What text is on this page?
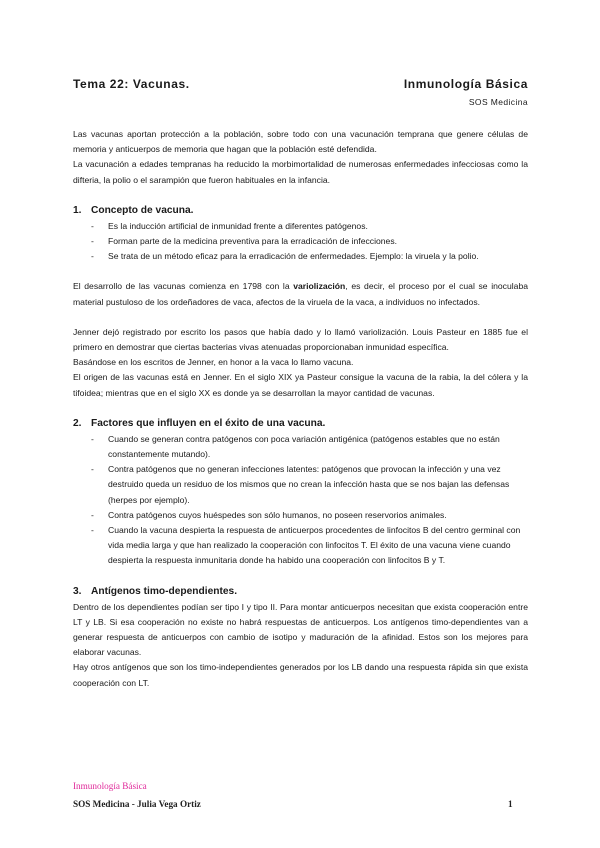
Tema 22: Vacunas.	Inmunología Básica
SOS Medicina

Las vacunas aportan protección a la población, sobre todo con una vacunación temprana que genere células de memoria y anticuerpos de memoria que hagan que la población esté defendida.

La vacunación a edades tempranas ha reducido la morbimortalidad de numerosas enfermedades infecciosas como la difteria, la polio o el sarampión que fueron habituales en la infancia.

1. Concepto de vacuna.
- Es la inducción artificial de inmunidad frente a diferentes patógenos.
- Forman parte de la medicina preventiva para la erradicación de infecciones.
- Se trata de un método eficaz para la erradicación de enfermedades. Ejemplo: la viruela y la polio.

El desarrollo de las vacunas comienza en 1798 con la variolización, es decir, el proceso por el cual se inoculaba material pustuloso de los ordeñadores de vaca, afectos de la viruela de la vaca, a individuos no infectados.

Jenner dejó registrado por escrito los pasos que había dado y lo llamó variolización. Louis Pasteur en 1885 fue el primero en demostrar que ciertas bacterias vivas atenuadas proporcionaban inmunidad específica.

Basándose en los escritos de Jenner, en honor a la vaca lo llamo vacuna.

El origen de las vacunas está en Jenner. En el siglo XIX ya Pasteur consigue la vacuna de la rabia, la del cólera y la tifoidea; mientras que en el siglo XX es donde ya se desarrollan la mayor cantidad de vacunas.

2. Factores que influyen en el éxito de una vacuna.
- Cuando se generan contra patógenos con poca variación antigénica (patógenos estables que no están constantemente mutando).
- Contra patógenos que no generan infecciones latentes: patógenos que provocan la infección y una vez destruido queda un residuo de los mismos que no crean la infección hasta que se nos bajan las defensas (herpes por ejemplo).
- Contra patógenos cuyos huéspedes son sólo humanos, no poseen reservorios animales.
- Cuando la vacuna despierta la respuesta de anticuerpos procedentes de linfocitos B del centro germinal con vida media larga y que han realizado la cooperación con linfocitos T. El éxito de una vacuna viene cuando despierta la respuesta inmunitaria donde ha habido una cooperación con linfocitos B y T.
3. Antígenos timo-dependientes.

Dentro de los dependientes podían ser tipo I y tipo II. Para montar anticuerpos necesitan que exista cooperación entre LT y LB. Si esa cooperación no existe no habrá respuestas de anticuerpos. Los antígenos timo-dependientes van a generar respuesta de anticuerpos con cambio de isotipo y maduración de la afinidad. Estos son los mejores para elaborar vacunas.

Hay otros antígenos que son los timo-independientes generados por los LB dando una respuesta rápida sin que exista cooperación con LT.

Inmunología Básica
SOS Medicina - Julia Vega Ortiz	1
